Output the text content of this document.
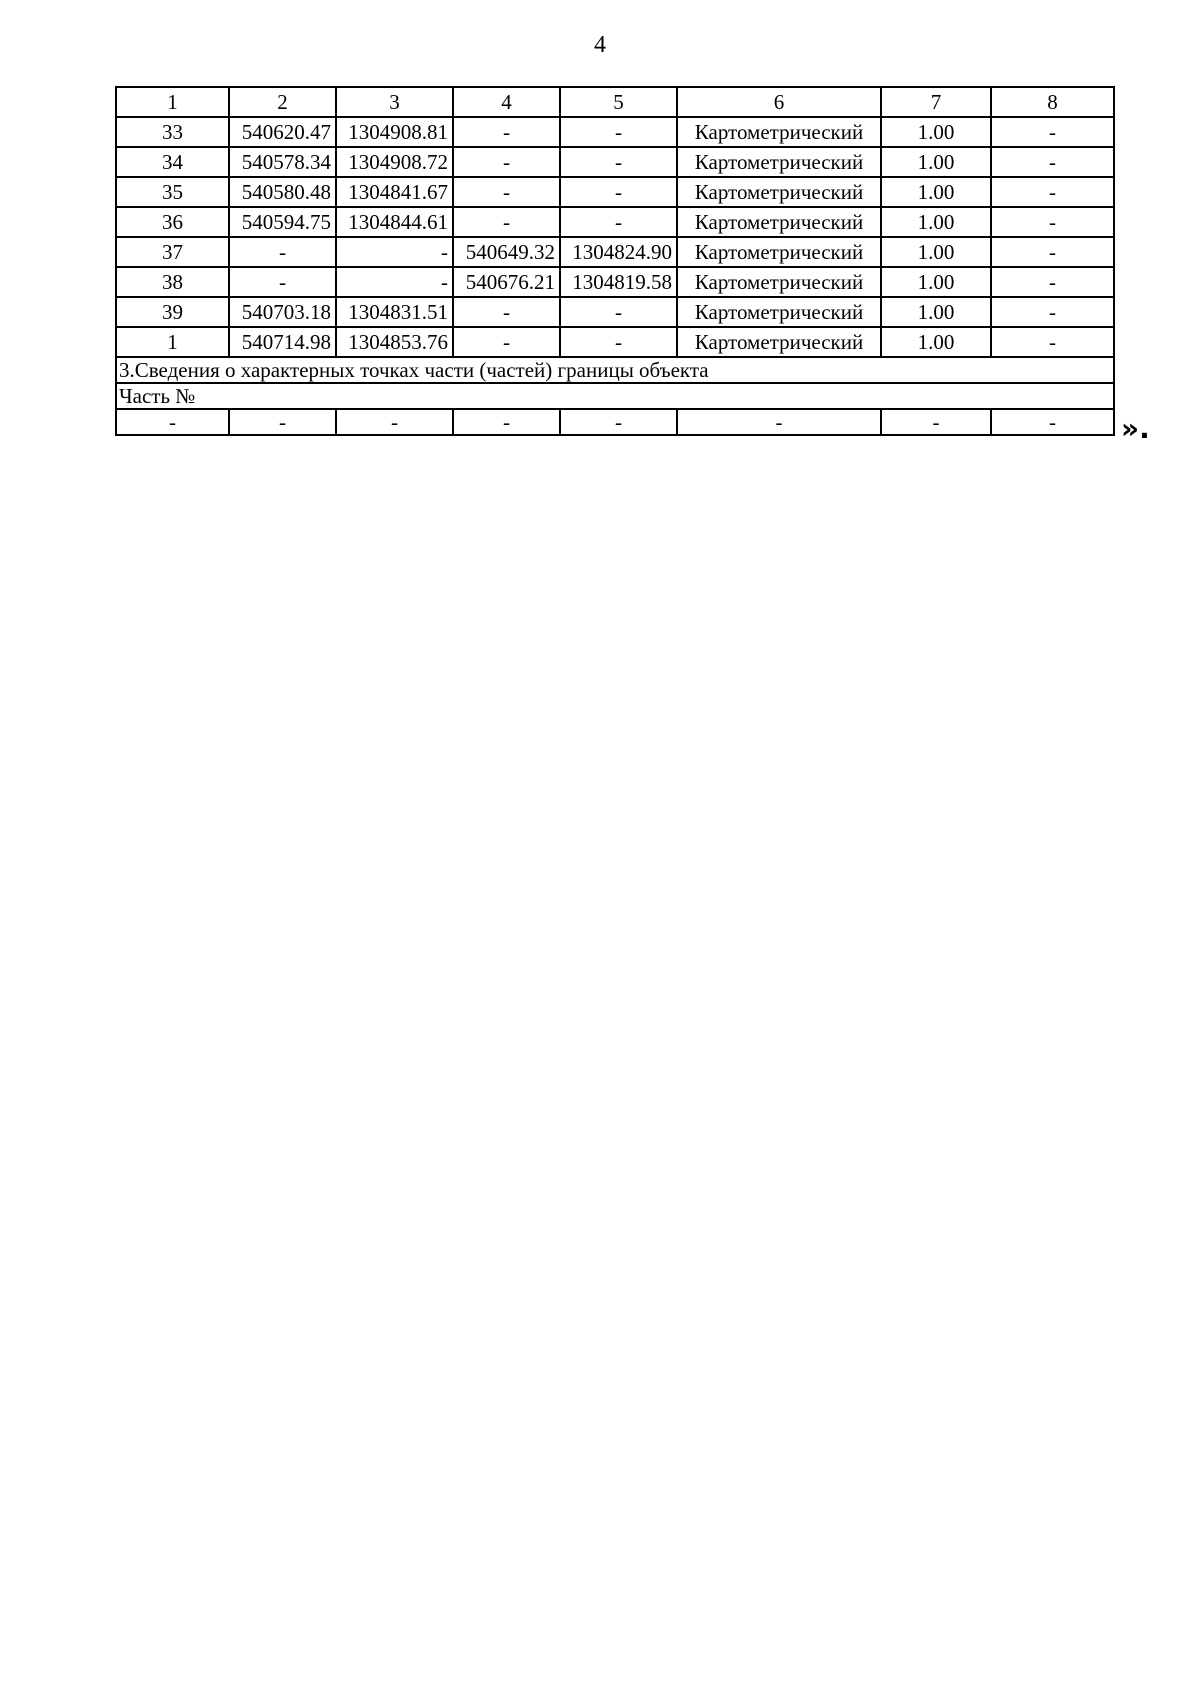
4
1	2	3	4	5	6	7	8
33	540620.47	1304908.81	-	-	Картометрический	1.00	-
34	540578.34	1304908.72	-	-	Картометрический	1.00	-
35	540580.48	1304841.67	-	-	Картометрический	1.00	-
36	540594.75	1304844.61	-	-	Картометрический	1.00	-
37	-	-	540649.32	1304824.90	Картометрический	1.00	-
38	-	-	540676.21	1304819.58	Картометрический	1.00	-
39	540703.18	1304831.51	-	-	Картометрический	1.00	-
1	540714.98	1304853.76	-	-	Картометрический	1.00	-
3.Сведения о характерных точках части (частей) границы объекта							
Часть №							
-	-	-	-	-	-	-	- ».
